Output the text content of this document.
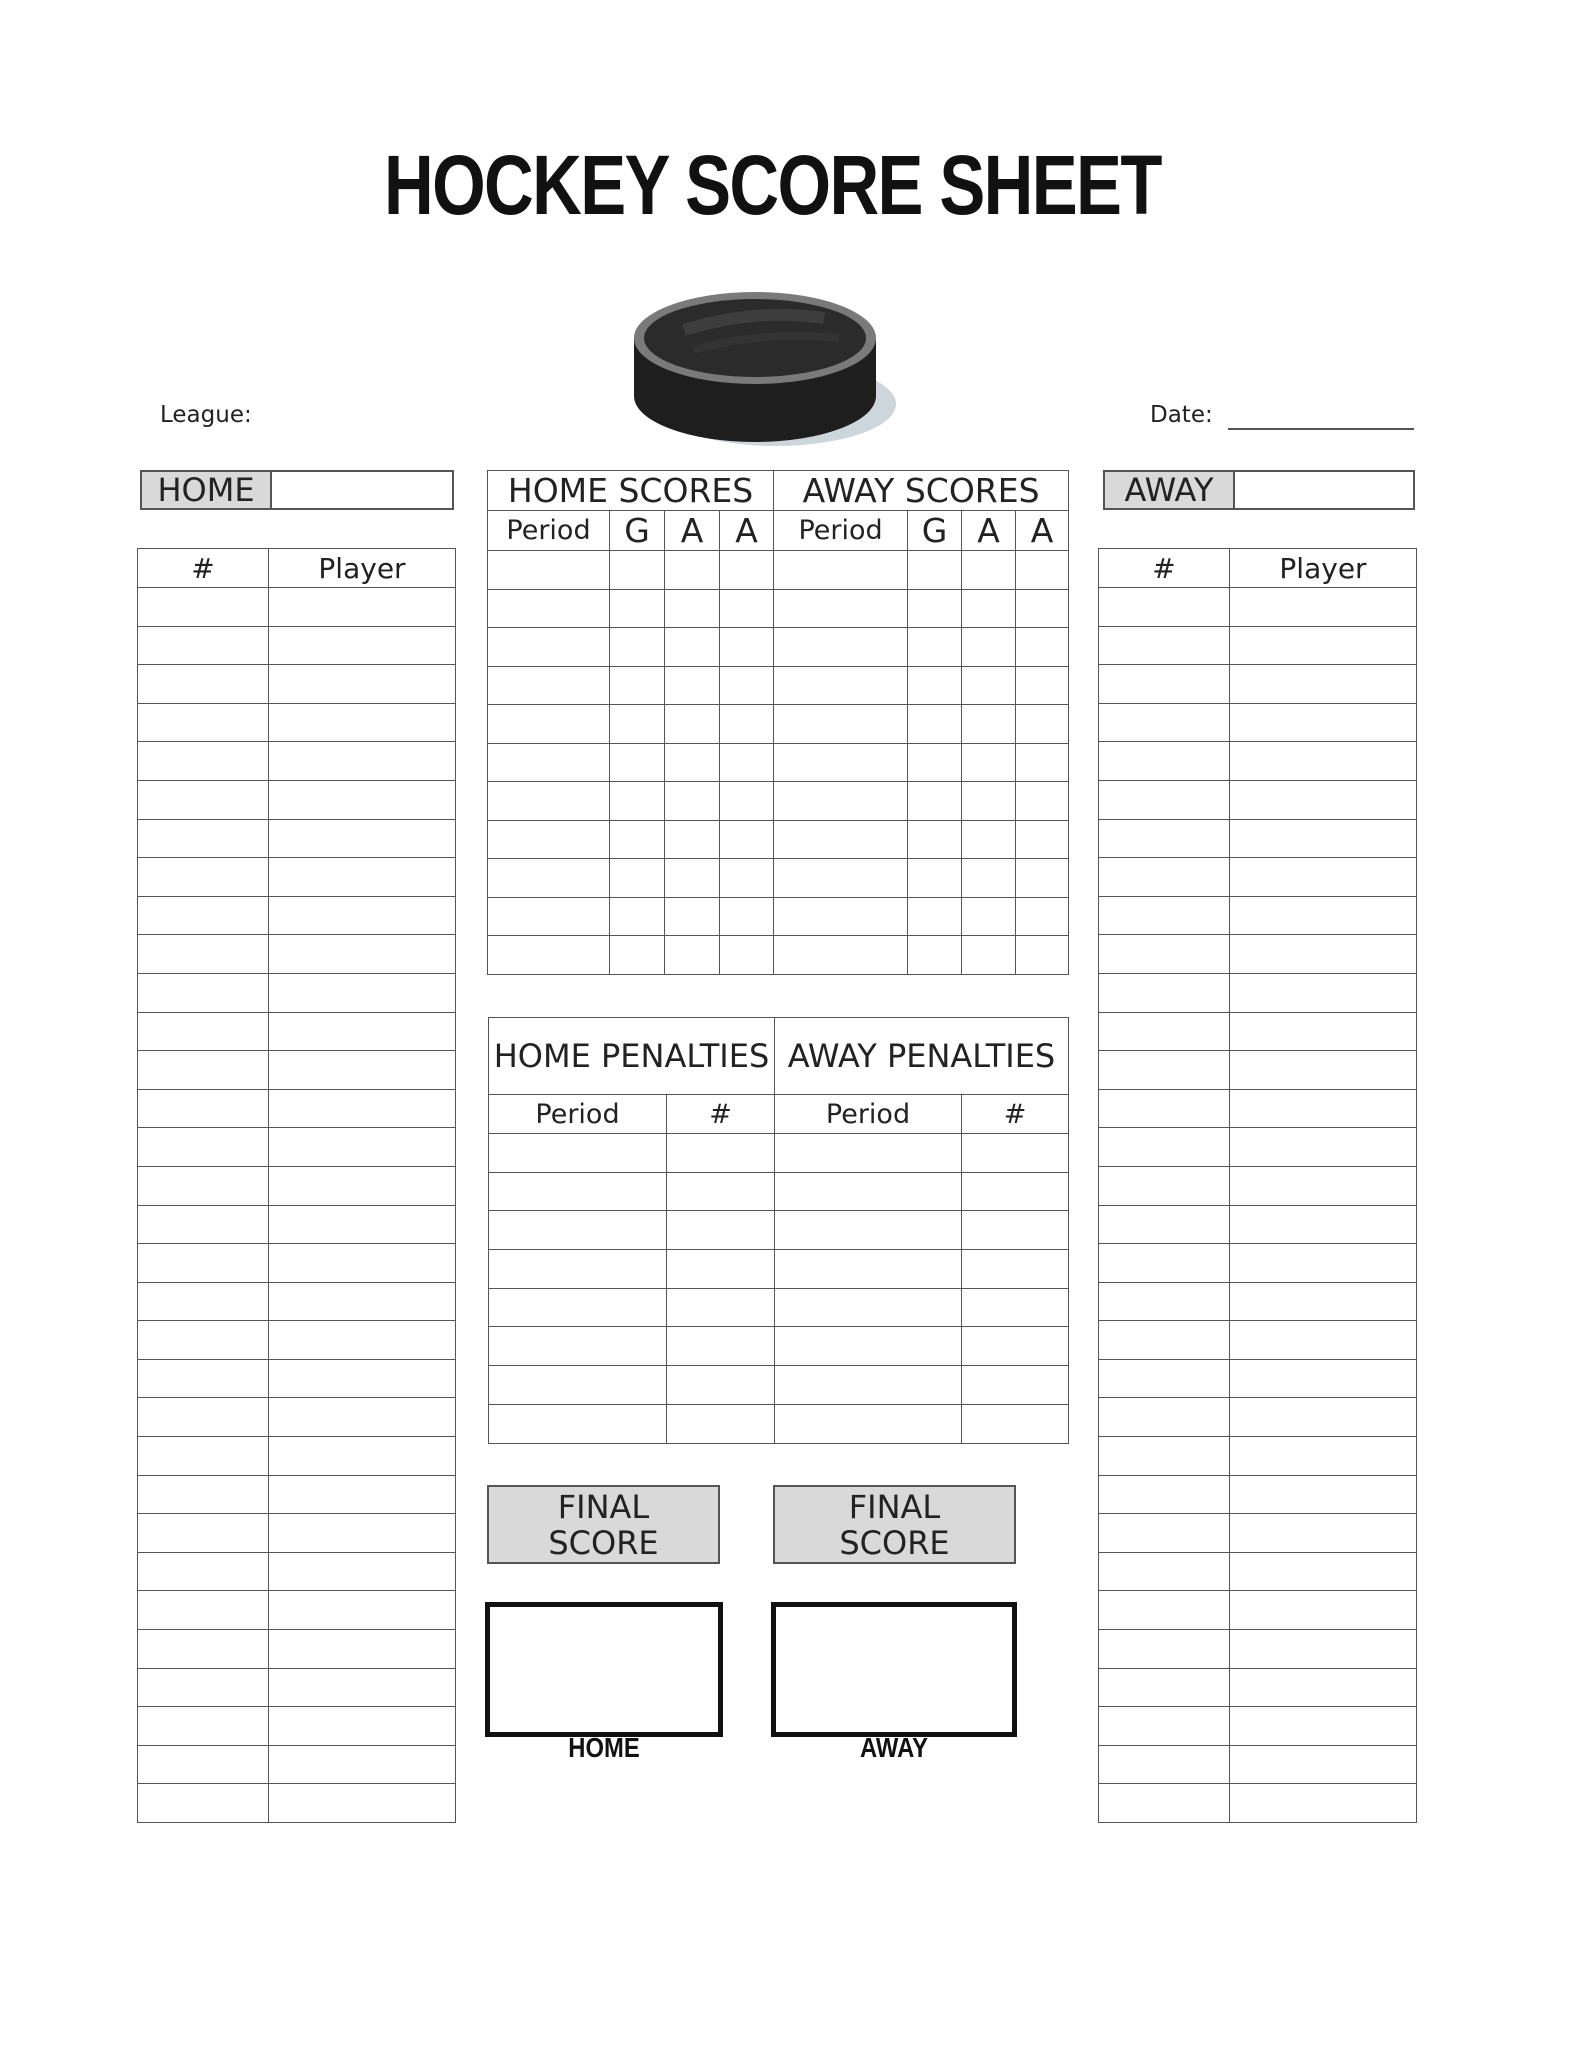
HOCKEY SCORE SHEET
League:	Date:
HOME	AWAY
#	Player

		#	Player

HOME SCORES				AWAY SCORES			
Period	G	A	A	Period	G	A	A

HOME PENALTIES		AWAY PENALTIES	
Period	#	Period	#

FINAL SCORE
FINAL SCORE
HOME	AWAY
